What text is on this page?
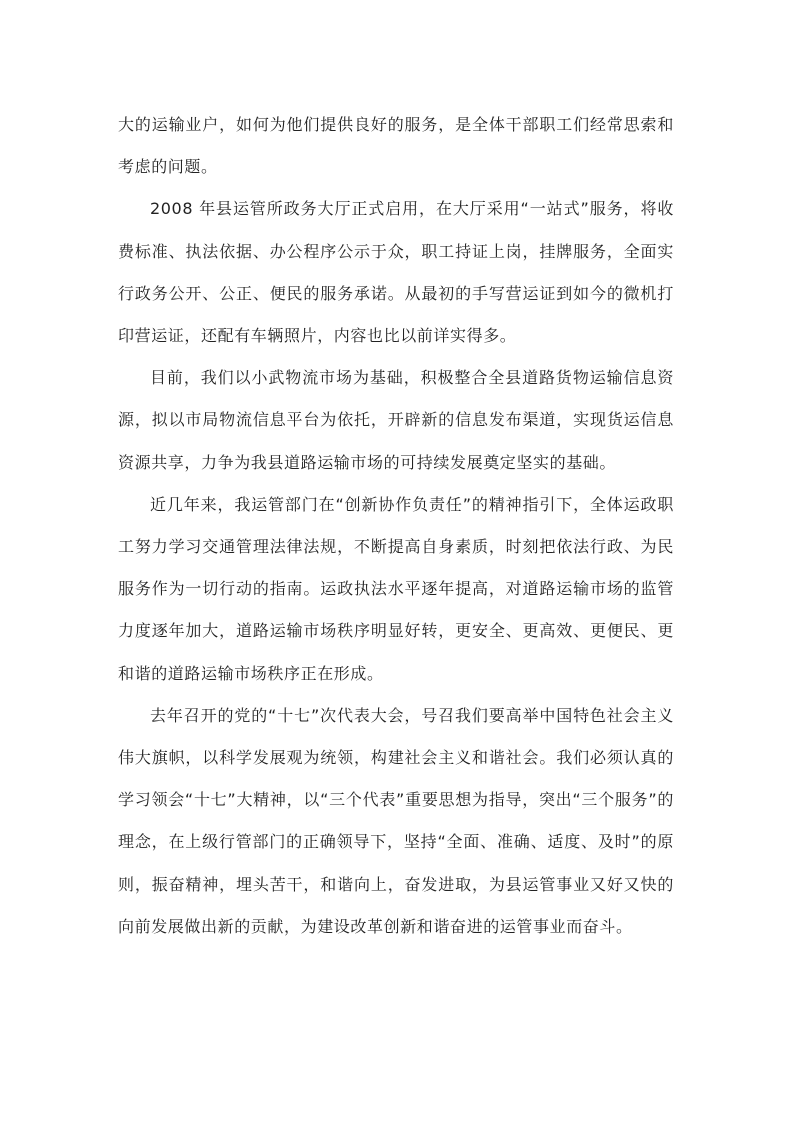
大的运输业户，如何为他们提供良好的服务，是全体干部职工们经常思索和考虑的问题。

2008 年县运管所政务大厅正式启用，在大厅采用“一站式”服务，将收费标准、执法依据、办公程序公示于众，职工持证上岗，挂牌服务，全面实行政务公开、公正、便民的服务承诺。从最初的手写营运证到如今的微机打印营运证，还配有车辆照片，内容也比以前详实得多。

目前，我们以小武物流市场为基础，积极整合全县道路货物运输信息资源，拟以市局物流信息平台为依托，开辟新的信息发布渠道，实现货运信息资源共享，力争为我县道路运输市场的可持续发展奠定坚实的基础。

近几年来，我运管部门在“创新协作负责任”的精神指引下，全体运政职工努力学习交通管理法律法规，不断提高自身素质，时刻把依法行政、为民服务作为一切行动的指南。运政执法水平逐年提高，对道路运输市场的监管力度逐年加大，道路运输市场秩序明显好转，更安全、更高效、更便民、更和谐的道路运输市场秩序正在形成。

去年召开的党的“十七”次代表大会，号召我们要高举中国特色社会主义伟大旗帜，以科学发展观为统领，构建社会主义和谐社会。我们必须认真的学习领会“十七”大精神，以“三个代表”重要思想为指导，突出“三个服务”的理念，在上级行管部门的正确领导下，坚持“全面、准确、适度、及时”的原则，振奋精神，埋头苦干，和谐向上，奋发进取，为县运管事业又好又快的向前发展做出新的贡献，为建设改革创新和谐奋进的运管事业而奋斗。
